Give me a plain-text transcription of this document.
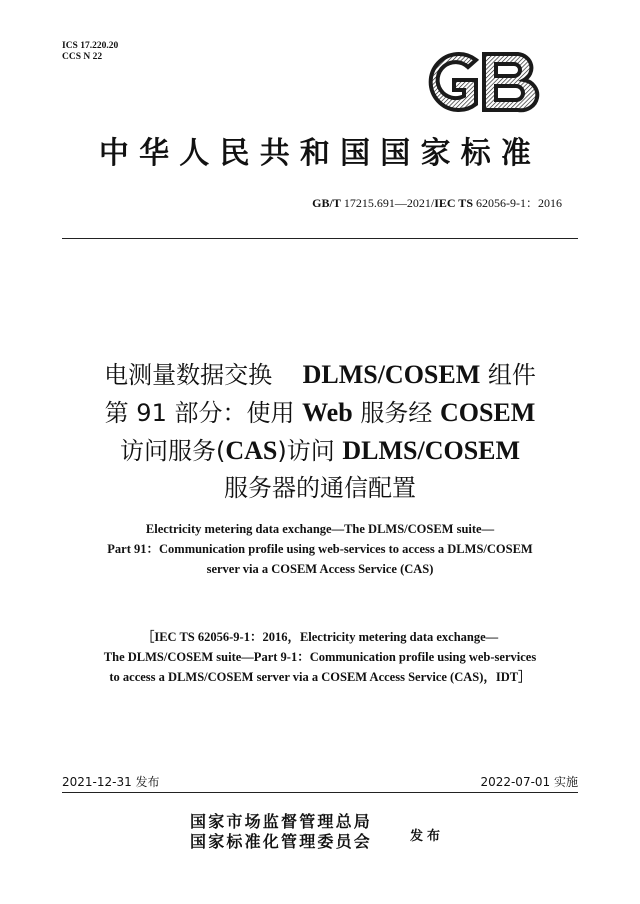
ICS 17.220.20
CCS N 22
中华人民共和国国家标准
GB/T 17215.691—2021/IEC TS 62056-9-1：2016
电测量数据交换 DLMS/COSEM 组件
第 91 部分：使用 Web 服务经 COSEM
访问服务(CAS)访问 DLMS/COSEM
服务器的通信配置
Electricity metering data exchange—The DLMS/COSEM suite—
Part 91：Communication profile using web-services to access a DLMS/COSEM
server via a COSEM Access Service (CAS)
［IEC TS 62056-9-1：2016，Electricity metering data exchange—
The DLMS/COSEM suite—Part 9-1：Communication profile using web-services
to access a DLMS/COSEM server via a COSEM Access Service (CAS)，IDT］
2021-12-31 发布	2022-07-01 实施
国家市场监督管理总局
国家标准化管理委员会	发布
